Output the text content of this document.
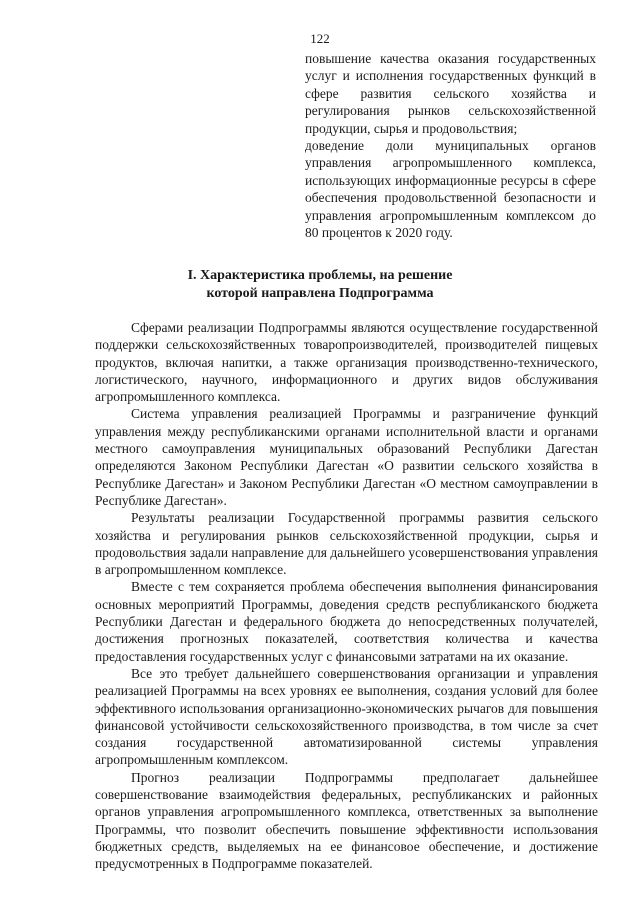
122

повышение качества оказания государственных услуг и исполнения государственных функций в сфере развития сельского хозяйства и регулирования рынков сельскохозяйственной продукции, сырья и продовольствия;

доведение доли муниципальных органов управления агропромышленного комплекса, использующих информационные ресурсы в сфере обеспечения продовольственной безопасности и управления агропромышленным комплексом до 80 процентов к 2020 году.

I. Характеристика проблемы, на решение
которой направлена Подпрограмма

Сферами реализации Подпрограммы являются осуществление государственной поддержки сельскохозяйственных товаропроизводителей, производителей пищевых продуктов, включая напитки, а также организация производственно-технического, логистического, научного, информационного и других видов обслуживания агропромышленного комплекса.

Система управления реализацией Программы и разграничение функций управления между республиканскими органами исполнительной власти и органами местного самоуправления муниципальных образований Республики Дагестан определяются Законом Республики Дагестан «О развитии сельского хозяйства в Республике Дагестан» и Законом Республики Дагестан «О местном самоуправлении в Республике Дагестан».

Результаты реализации Государственной программы развития сельского хозяйства и регулирования рынков сельскохозяйственной продукции, сырья и продовольствия задали направление для дальнейшего усовершенствования управления в агропромышленном комплексе.

Вместе с тем сохраняется проблема обеспечения выполнения финансирования основных мероприятий Программы, доведения средств республиканского бюджета Республики Дагестан и федерального бюджета до непосредственных получателей, достижения прогнозных показателей, соответствия количества и качества предоставления государственных услуг с финансовыми затратами на их оказание.

Все это требует дальнейшего совершенствования организации и управления реализацией Программы на всех уровнях ее выполнения, создания условий для более эффективного использования организационно-экономических рычагов для повышения финансовой устойчивости сельскохозяйственного производства, в том числе за счет создания государственной автоматизированной системы управления агропромышленным комплексом.

Прогноз реализации Подпрограммы предполагает дальнейшее совершенствование взаимодействия федеральных, республиканских и районных органов управления агропромышленного комплекса, ответственных за выполнение Программы, что позволит обеспечить повышение эффективности использования бюджетных средств, выделяемых на ее финансовое обеспечение, и достижение предусмотренных в Подпрограмме показателей.
